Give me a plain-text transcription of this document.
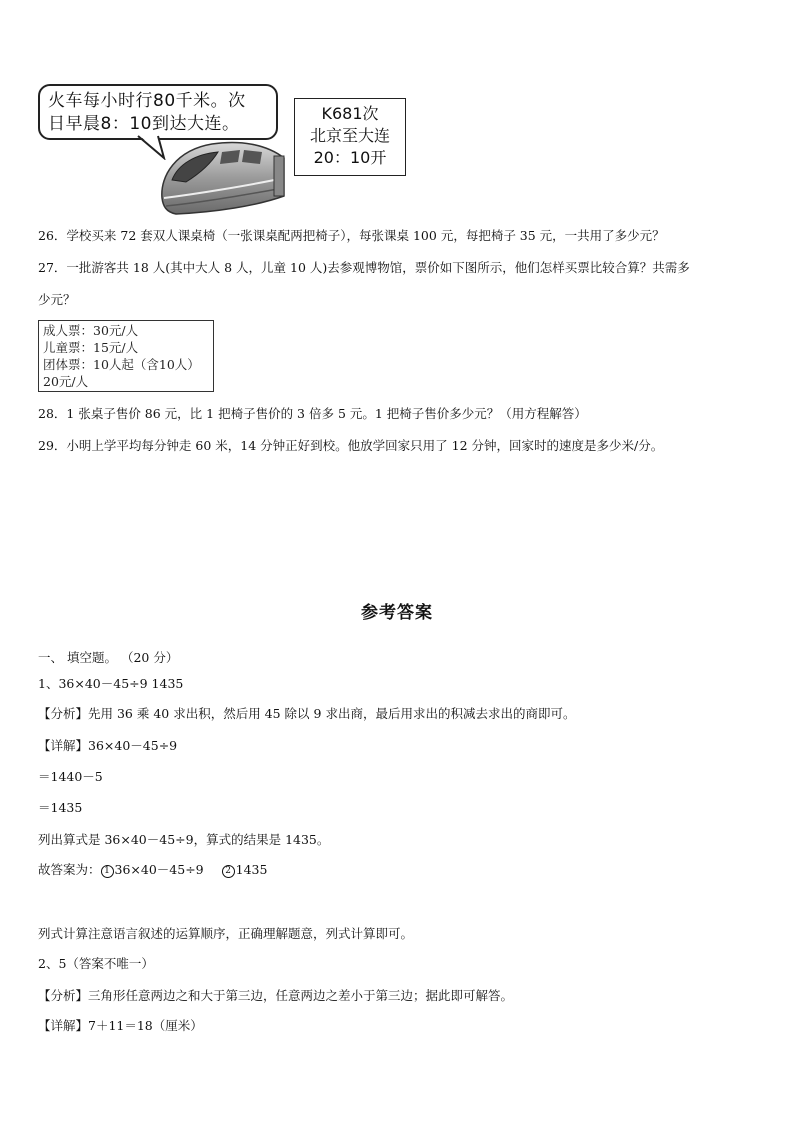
火车每小时行80千米。次
日早晨8：10到达大连。
K681次
北京至大连
20：10开
26．学校买来 72 套双人课桌椅（一张课桌配两把椅子），每张课桌 100 元，每把椅子 35 元，一共用了多少元？
27．一批游客共 18 人(其中大人 8 人，儿童 10 人)去参观博物馆，票价如下图所示，他们怎样买票比较合算？共需多
少元？
成人票：30元/人
儿童票：15元/人
团体票：10人起（含10人）
20元/人
28．1 张桌子售价 86 元，比 1 把椅子售价的 3 倍多 5 元。1 把椅子售价多少元？（用方程解答）
29．小明上学平均每分钟走 60 米，14 分钟正好到校。他放学回家只用了 12 分钟，回家时的速度是多少米/分。
参考答案
一、 填空题。 （20 分）
1、36×40－45÷9 1435
【分析】先用 36 乘 40 求出积，然后用 45 除以 9 求出商，最后用求出的积减去求出的商即可。
【详解】36×40－45÷9
＝1440－5
＝1435
列出算式是 36×40－45÷9，算式的结果是 1435。
故答案为： 1 36×40－45÷9 2 1435
列式计算注意语言叙述的运算顺序，正确理解题意，列式计算即可。
2、5（答案不唯一）
【分析】三角形任意两边之和大于第三边，任意两边之差小于第三边；据此即可解答。
【详解】7＋11＝18（厘米）
